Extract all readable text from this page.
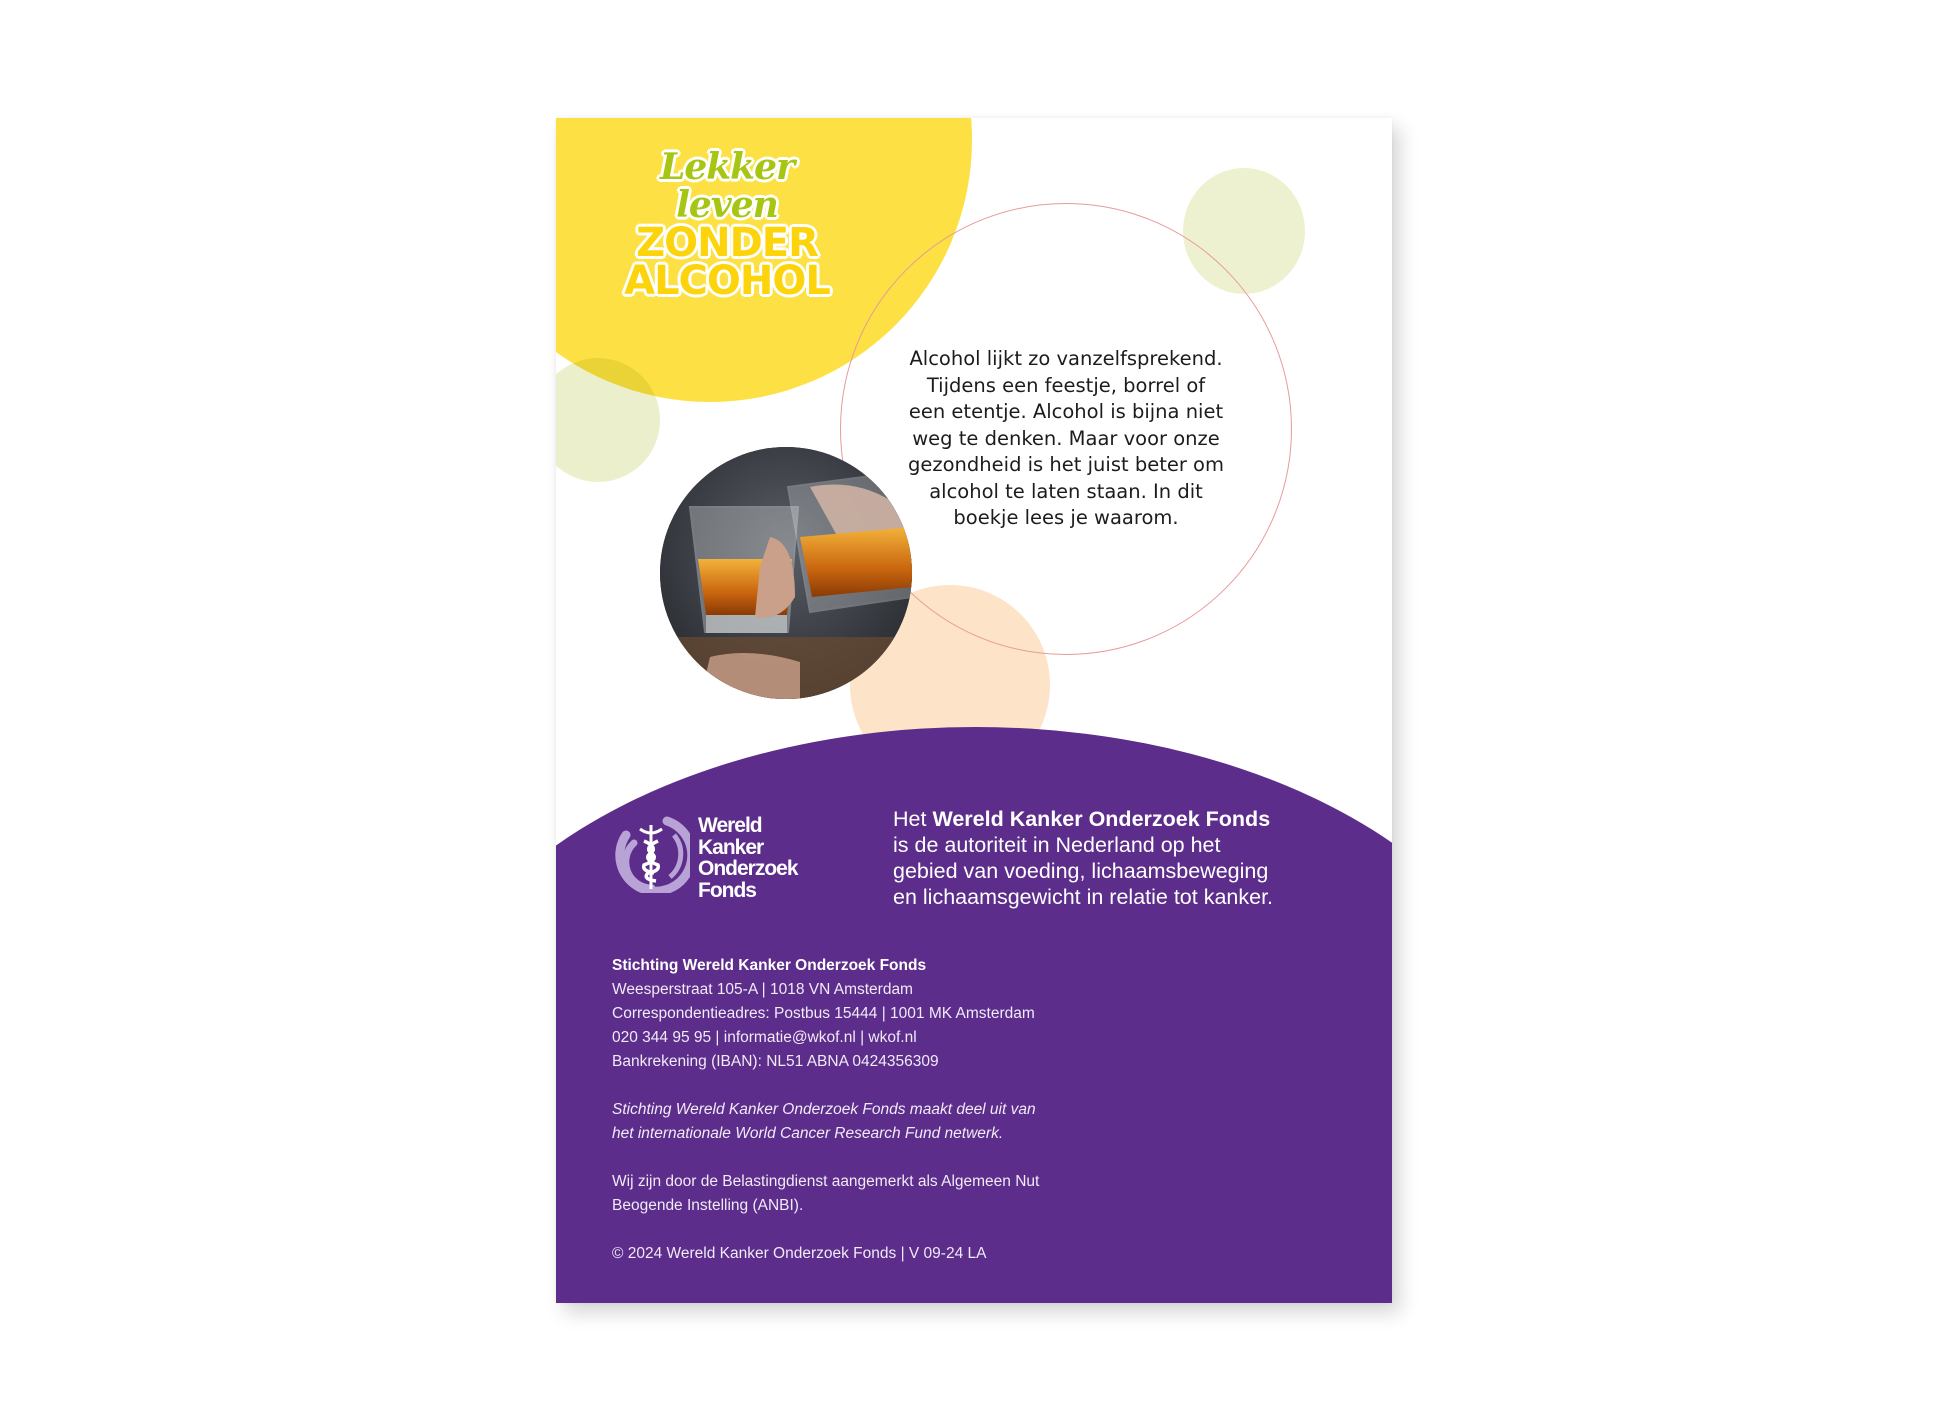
Lekker leven
ZONDER
ALCOHOL
Alcohol lijkt zo vanzelfsprekend.
Tijdens een feestje, borrel of
een etentje. Alcohol is bijna niet
weg te denken. Maar voor onze
gezondheid is het juist beter om
alcohol te laten staan. In dit
boekje lees je waarom.
Wereld
Kanker
Onderzoek
Fonds
Het Wereld Kanker Onderzoek Fonds
is de autoriteit in Nederland op het
gebied van voeding, lichaamsbeweging
en lichaamsgewicht in relatie tot kanker.
Stichting Wereld Kanker Onderzoek Fonds
Weesperstraat 105-A | 1018 VN Amsterdam
Correspondentieadres: Postbus 15444 | 1001 MK Amsterdam
020 344 95 95 | informatie@wkof.nl | wkof.nl
Bankrekening (IBAN): NL51 ABNA 0424356309
Stichting Wereld Kanker Onderzoek Fonds maakt deel uit van
het internationale World Cancer Research Fund netwerk.
Wij zijn door de Belastingdienst aangemerkt als Algemeen Nut
Beogende Instelling (ANBI).
© 2024 Wereld Kanker Onderzoek Fonds | V 09-24 LA
